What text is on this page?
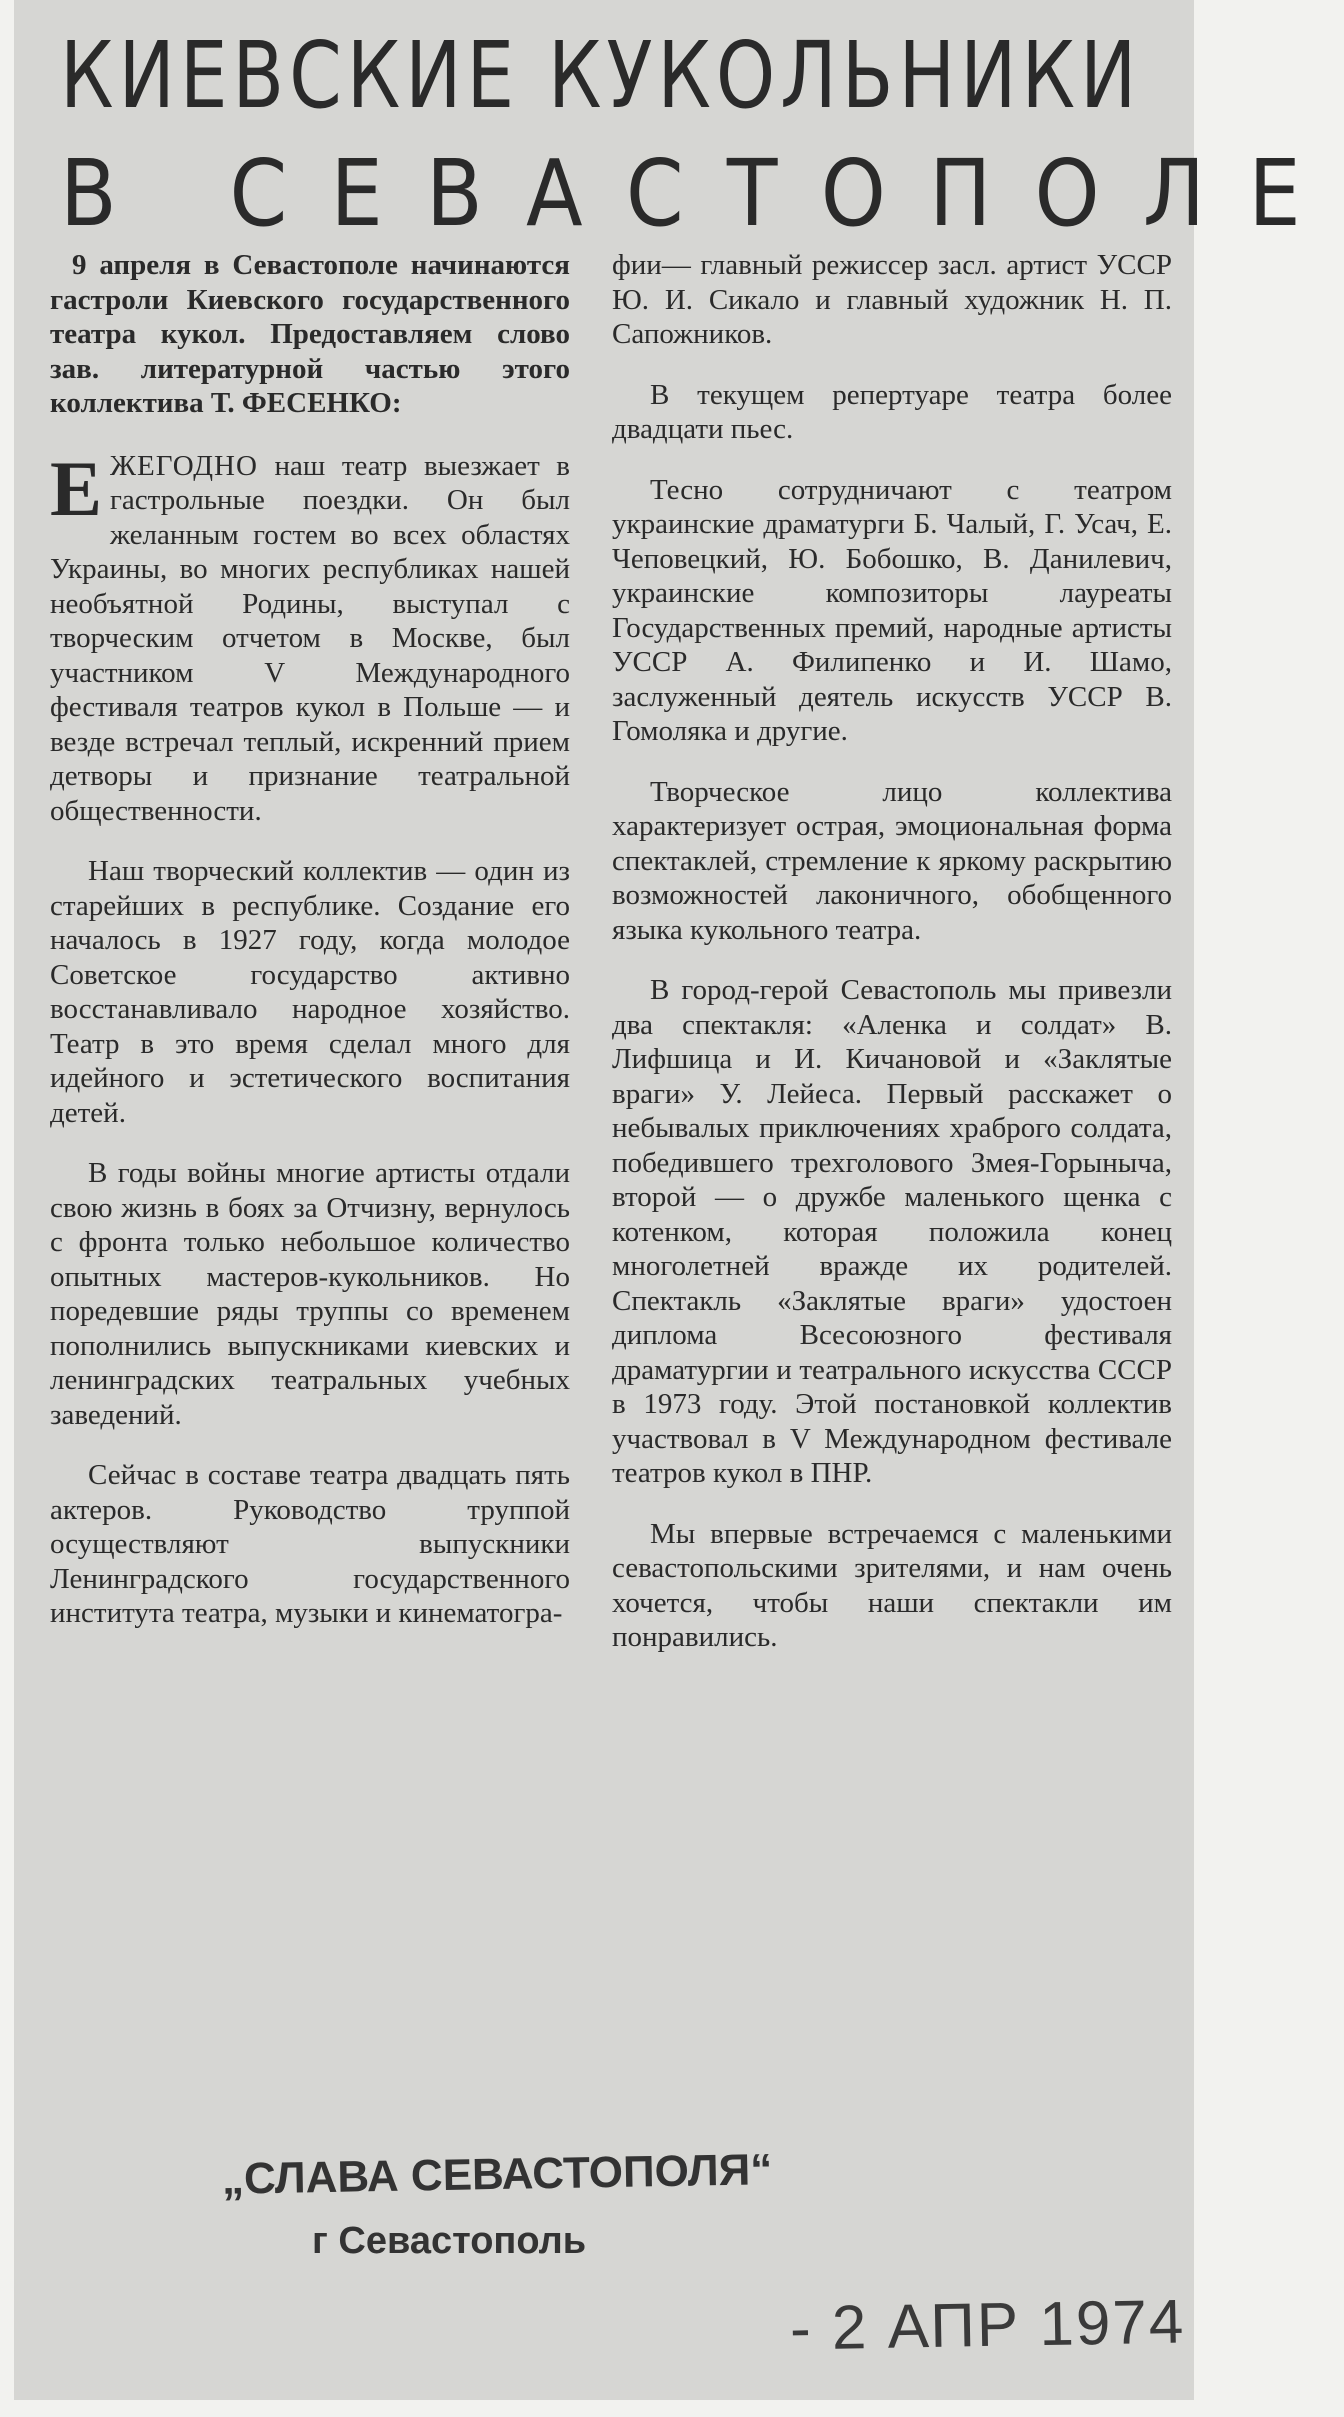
КИЕВСКИЕ КУКОЛЬНИКИ
В СЕВАСТОПОЛЕ

9 апреля в Севастополе начинаются гастроли Киевского государственного театра кукол. Предоставляем слово зав. литературной частью этого коллектива Т. ФЕСЕНКО:

ЕЖЕГОДНО наш театр выезжает в гастрольные поездки. Он был желанным гостем во всех областях Украины, во многих республиках нашей необъятной Родины, выступал с творческим отчетом в Москве, был участником V Международного фестиваля театров кукол в Польше — и везде встречал теплый, искренний прием детворы и признание театральной общественности.

Наш творческий коллектив — один из старейших в республике. Создание его началось в 1927 году, когда молодое Советское государство активно восстанавливало народное хозяйство. Театр в это время сделал много для идейного и эстетического воспитания детей.

В годы войны многие артисты отдали свою жизнь в боях за Отчизну, вернулось с фронта только небольшое количество опытных мастеров-кукольников. Но поредевшие ряды труппы со временем пополнились выпускниками киевских и ленинградских театральных учебных заведений.

Сейчас в составе театра двадцать пять актеров. Руководство труппой осуществляют выпускники Ленинградского государственного института театра, музыки и кинематогра-

фии— главный режиссер засл. артист УССР Ю. И. Сикало и главный художник Н. П. Сапожников.

В текущем репертуаре театра более двадцати пьес.

Тесно сотрудничают с театром украинские драматурги Б. Чалый, Г. Усач, Е. Чеповецкий, Ю. Бобошко, В. Данилевич, украинские композиторы лауреаты Государственных премий, народные артисты УССР А. Филипенко и И. Шамо, заслуженный деятель искусств УССР В. Гомоляка и другие.

Творческое лицо коллектива характеризует острая, эмоциональная форма спектаклей, стремление к яркому раскрытию возможностей лаконичного, обобщенного языка кукольного театра.

В город-герой Севастополь мы привезли два спектакля: «Аленка и солдат» В. Лифшица и И. Кичановой и «Заклятые враги» У. Лейеса. Первый расскажет о небывалых приключениях храброго солдата, победившего трехголового Змея-Горыныча, второй — о дружбе маленького щенка с котенком, которая положила конец многолетней вражде их родителей. Спектакль «Заклятые враги» удостоен диплома Всесоюзного фестиваля драматургии и театрального искусства СССР в 1973 году. Этой постановкой коллектив участвовал в V Международном фестивале театров кукол в ПНР.

Мы впервые встречаемся с маленькими севастопольскими зрителями, и нам очень хочется, чтобы наши спектакли им понравились.

„СЛАВА СЕВАСТОПОЛЯ“
г Севастополь
- 2 АПР 1974
